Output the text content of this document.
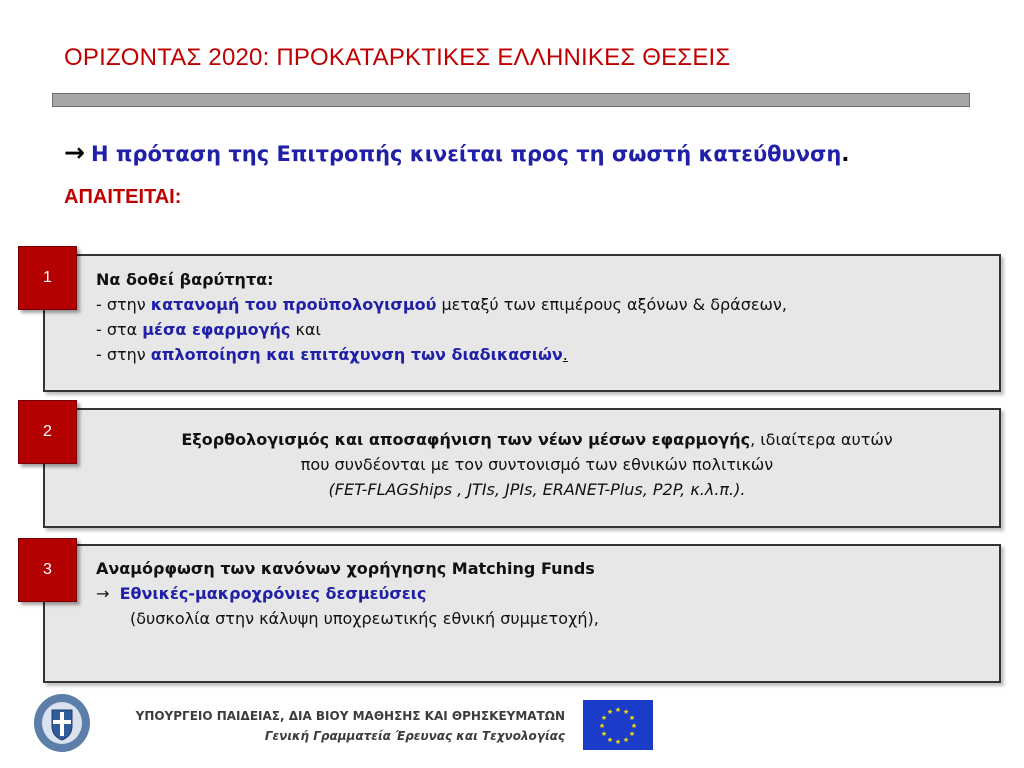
ΟΡΙΖΟΝΤΑΣ 2020: ΠΡΟΚΑΤΑΡΚΤΙΚΕΣ ΕΛΛΗΝΙΚΕΣ ΘΕΣΕΙΣ
→ Η πρόταση της Επιτροπής κινείται προς τη σωστή κατεύθυνση.
ΑΠΑΙΤΕΙΤΑΙ:
1	Να δοθεί βαρύτητα:
- στην κατανομή του προϋπολογισμού μεταξύ των επιμέρους αξόνων & δράσεων,
- στα μέσα εφαρμογής και
- στην απλοποίηση και επιτάχυνση των διαδικασιών.
2	Εξορθολογισμός και αποσαφήνιση των νέων μέσων εφαρμογής, ιδιαίτερα αυτών
που συνδέονται με τον συντονισμό των εθνικών πολιτικών
(FET-FLAGShips , JTIs, JPIs, ERANET-Plus, P2P, κ.λ.π.).
3	Αναμόρφωση των κανόνων χορήγησης Matching Funds
→ Εθνικές-μακροχρόνιες δεσμεύσεις
(δυσκολία στην κάλυψη υποχρεωτικής εθνική συμμετοχή),
ΥΠΟΥΡΓΕΙΟ ΠΑΙΔΕΙΑΣ, ΔΙΑ ΒΙΟΥ ΜΑΘΗΣΗΣ ΚΑΙ ΘΡΗΣΚΕΥΜΑΤΩΝ
Γενική Γραμματεία Έρευνας και Τεχνολογίας
★ ★
★
★
★
★
★
★
★
★
★
★
